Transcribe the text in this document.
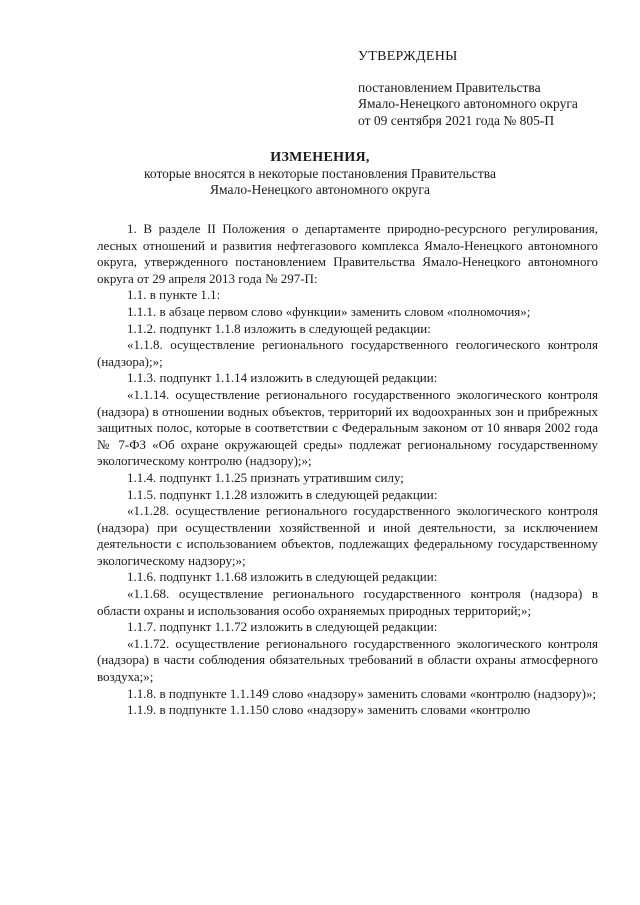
УТВЕРЖДЕНЫ
постановлением Правительства
Ямало-Ненецкого автономного округа
от 09 сентября 2021 года № 805-П
ИЗМЕНЕНИЯ,
которые вносятся в некоторые постановления Правительства
Ямало-Ненецкого автономного округа

1. В разделе II Положения о департаменте природно-ресурсного регулирования, лесных отношений и развития нефтегазового комплекса Ямало-Ненецкого автономного округа, утвержденного постановлением Правительства Ямало-Ненецкого автономного округа от 29 апреля 2013 года № 297-П:

1.1. в пункте 1.1:

1.1.1. в абзаце первом слово «функции» заменить словом «полномочия»;

1.1.2. подпункт 1.1.8 изложить в следующей редакции:

«1.1.8. осуществление регионального государственного геологического контроля (надзора);»;

1.1.3. подпункт 1.1.14 изложить в следующей редакции:

«1.1.14. осуществление регионального государственного экологического контроля (надзора) в отношении водных объектов, территорий их водоохранных зон и прибрежных защитных полос, которые в соответствии с Федеральным законом от 10 января 2002 года № 7-ФЗ «Об охране окружающей среды» подлежат региональному государственному экологическому контролю (надзору);»;

1.1.4. подпункт 1.1.25 признать утратившим силу;

1.1.5. подпункт 1.1.28 изложить в следующей редакции:

«1.1.28. осуществление регионального государственного экологического контроля (надзора) при осуществлении хозяйственной и иной деятельности, за исключением деятельности с использованием объектов, подлежащих федеральному государственному экологическому надзору;»;

1.1.6. подпункт 1.1.68 изложить в следующей редакции:

«1.1.68. осуществление регионального государственного контроля (надзора) в области охраны и использования особо охраняемых природных территорий;»;

1.1.7. подпункт 1.1.72 изложить в следующей редакции:

«1.1.72. осуществление регионального государственного экологического контроля (надзора) в части соблюдения обязательных требований в области охраны атмосферного воздуха;»;

1.1.8. в подпункте 1.1.149 слово «надзору» заменить словами «контролю (надзору)»;

1.1.9. в подпункте 1.1.150 слово «надзору» заменить словами «контролю
